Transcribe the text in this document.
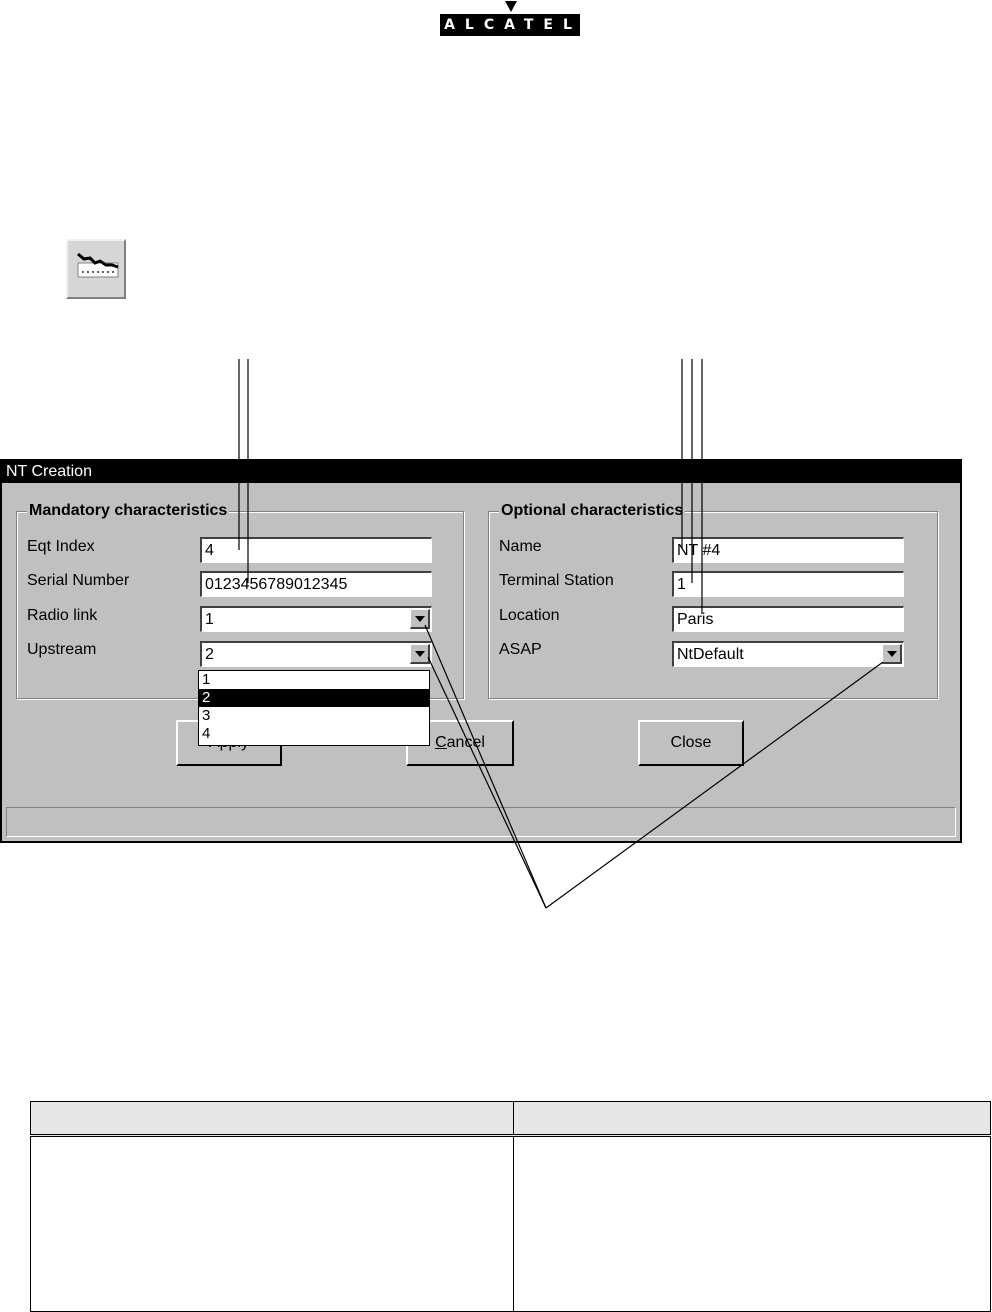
ALCATEL
NT Creation
Mandatory characteristics
Eqt Index	4
Serial Number	0123456789012345
Radio link	1
Upstream	2
Optional characteristics
Name	NT #4
Terminal Station	1
Location	Paris
ASAP	NtDefault
C ancel	Close
1
2
3
4
